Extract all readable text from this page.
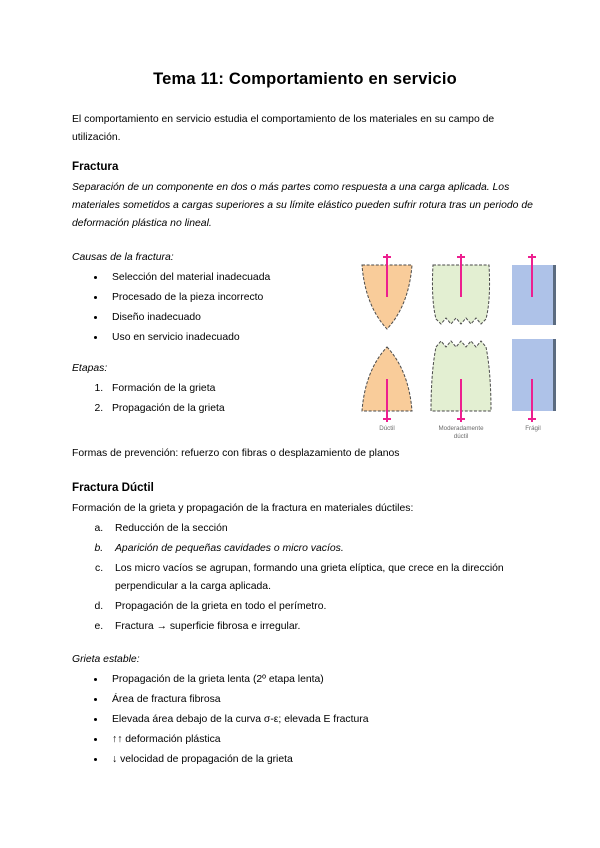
Tema 11: Comportamiento en servicio

El comportamiento en servicio estudia el comportamiento de los materiales en su campo de utilización.

Fractura

Separación de un componente en dos o más partes como respuesta a una carga aplicada. Los materiales sometidos a cargas superiores a su límite elástico pueden sufrir rotura tras un periodo de deformación plástica no lineal.

Causas de la fractura:

• Selección del material inadecuada
• Procesado de la pieza incorrecto
• Diseño inadecuado
• Uso en servicio inadecuado

Etapas:

1. Formación de la grieta
2. Propagación de la grieta
Dúctil	Moderadamente
dúctil
Frágil

Formas de prevención: refuerzo con fibras o desplazamiento de planos

Fractura Dúctil

Formación de la grieta y propagación de la fractura en materiales dúctiles:

a. Reducción de la sección
b. Aparición de pequeñas cavidades o micro vacíos.
c. Los micro vacíos se agrupan, formando una grieta elíptica, que crece en la dirección perpendicular a la carga aplicada.
d. Propagación de la grieta en todo el perímetro.
e. Fractura → superficie fibrosa e irregular.

Grieta estable:

• Propagación de la grieta lenta (2º etapa lenta)
• Área de fractura fibrosa
• Elevada área debajo de la curva σ-ε; elevada E fractura
• ↑↑ deformación plástica
• ↓ velocidad de propagación de la grieta
